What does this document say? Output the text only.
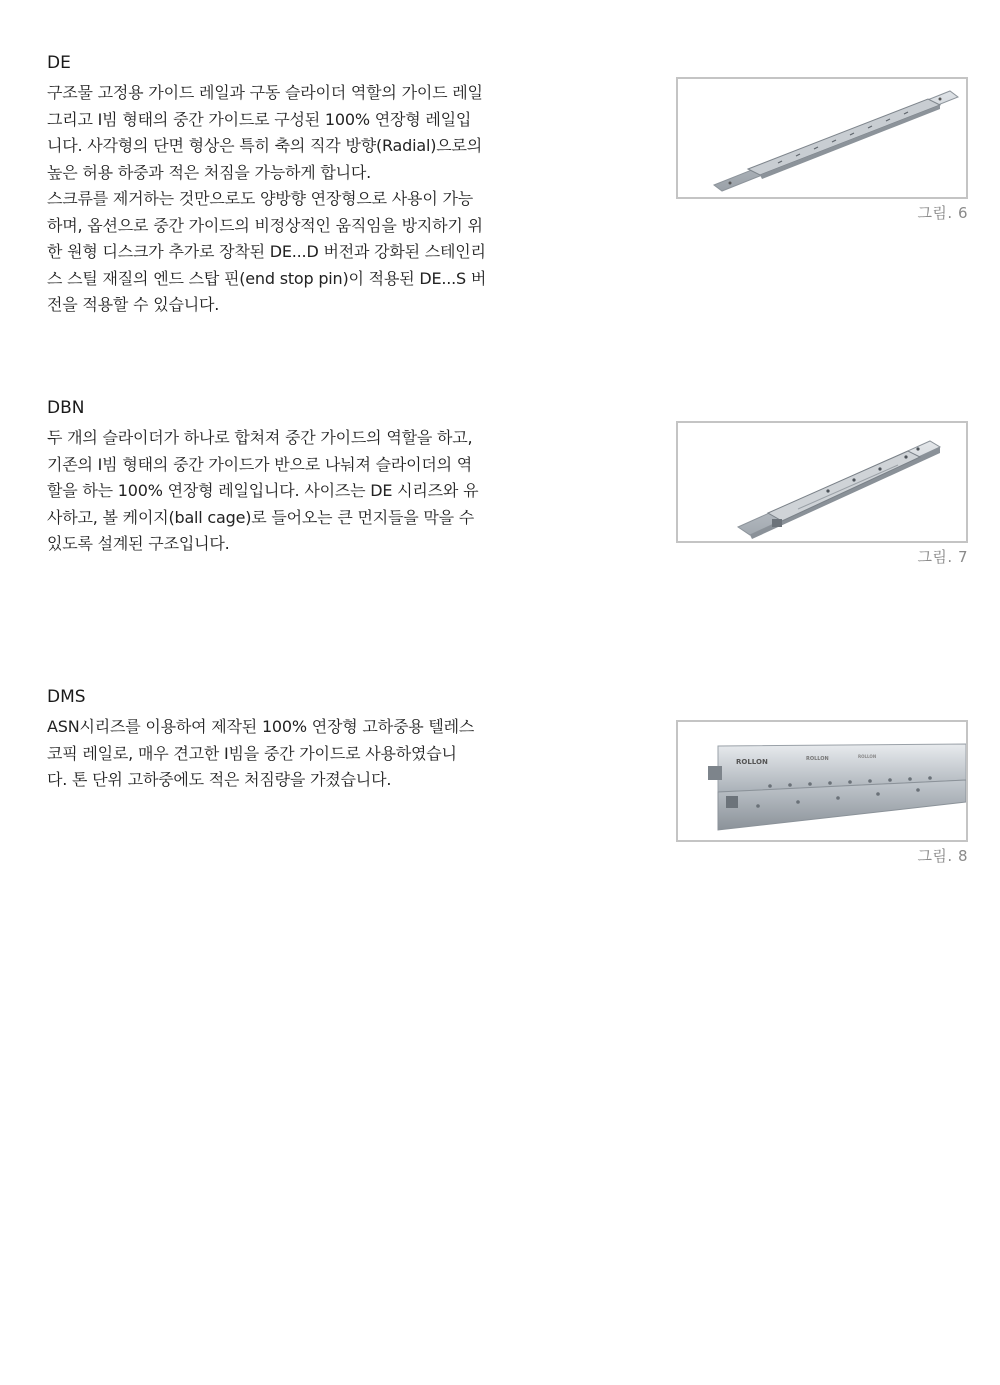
DE
구조물 고정용 가이드 레일과 구동 슬라이더 역할의 가이드 레일
그리고 I빔 형태의 중간 가이드로 구성된 100% 연장형 레일입
니다. 사각형의 단면 형상은 특히 축의 직각 방향(Radial)으로의
높은 허용 하중과 적은 처짐을 가능하게 합니다.
스크류를 제거하는 것만으로도 양방향 연장형으로 사용이 가능
하며, 옵션으로 중간 가이드의 비정상적인 움직임을 방지하기 위
한 원형 디스크가 추가로 장착된 DE...D 버전과 강화된 스테인리
스 스틸 재질의 엔드 스탑 핀(end stop pin)이 적용된 DE...S 버
전을 적용할 수 있습니다.
그림. 6
DBN
두 개의 슬라이더가 하나로 합쳐져 중간 가이드의 역할을 하고,
기존의 I빔 형태의 중간 가이드가 반으로 나눠져 슬라이더의 역
할을 하는 100% 연장형 레일입니다. 사이즈는 DE 시리즈와 유
사하고, 볼 케이지(ball cage)로 들어오는 큰 먼지들을 막을 수
있도록 설계된 구조입니다.
그림. 7
DMS
ASN시리즈를 이용하여 제작된 100% 연장형 고하중용 텔레스
코픽 레일로, 매우 견고한 I빔을 중간 가이드로 사용하였습니
다. 톤 단위 고하중에도 적은 처짐량을 가졌습니다.
ROLLON	ROLLON	ROLLON
그림. 8
